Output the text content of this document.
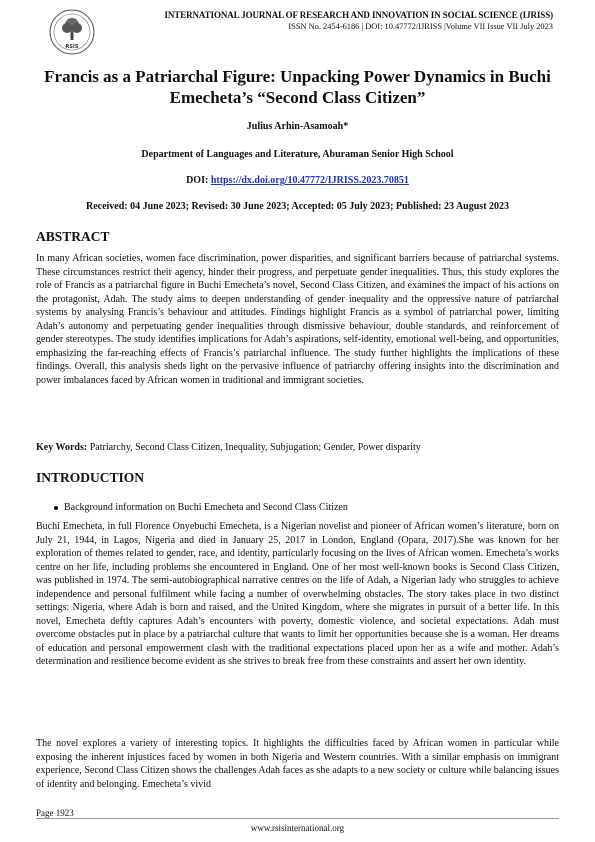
RSIS
INTERNATIONAL JOURNAL OF RESEARCH AND INNOVATION IN SOCIAL SCIENCE (IJRISS)
ISSN No. 2454-6186 | DOI: 10.47772/IJRISS |Volume VII Issue VII July 2023
Francis as a Patriarchal Figure: Unpacking Power Dynamics in Buchi Emecheta’s “Second Class Citizen”
Julius Arhin-Asamoah*
Department of Languages and Literature, Aburaman Senior High School
DOI: https://dx.doi.org/10.47772/IJRISS.2023.70851
Received: 04 June 2023; Revised: 30 June 2023; Accepted: 05 July 2023; Published: 23 August 2023
ABSTRACT

In many African societies, women face discrimination, power disparities, and significant barriers because of patriarchal systems. These circumstances restrict their agency, hinder their progress, and perpetuate gender inequalities. Thus, this study explores the role of Francis as a patriarchal figure in Buchi Emecheta’s novel, Second Class Citizen, and examines the impact of his actions on the protagonist, Adah. The study aims to deepen understanding of gender inequality and the oppressive nature of patriarchal systems by analysing Francis’s behaviour and attitudes. Findings highlight Francis as a symbol of patriarchal power, limiting Adah’s autonomy and perpetuating gender inequalities through dismissive behaviour, double standards, and reinforcement of gender stereotypes. The study identifies implications for Adah’s aspirations, self-identity, emotional well-being, and opportunities, emphasizing the far-reaching effects of Francis’s patriarchal influence. The study further highlights the implications of these findings. Overall, this analysis sheds light on the pervasive influence of patriarchy offering insights into the discrimination and power imbalances faced by African women in traditional and immigrant societies.

Key Words: Patriarchy, Second Class Citizen, Inequality, Subjugation; Gender, Power disparity
INTRODUCTION
Background information on Buchi Emecheta and Second Class Citizen

Buchi Emecheta, in full Florence Onyebuchi Emecheta, is a Nigerian novelist and pioneer of African women’s literature, born on July 21, 1944, in Lagos, Nigeria and died in January 25, 2017 in London, England (Opara, 2017).She was known for her exploration of themes related to gender, race, and identity, particularly focusing on the lives of African women. Emecheta’s works centre on her life, including problems she encountered in England. One of her most well-known books is Second Class Citizen, was published in 1974. The semi-autobiographical narrative centres on the life of Adah, a Nigerian lady who struggles to achieve independence and personal fulfilment while facing a number of overwhelming obstacles. The story takes place in two distinct settings: Nigeria, where Adah is born and raised, and the United Kingdom, where she migrates in pursuit of a better life. In this novel, Emecheta deftly captures Adah’s encounters with poverty, domestic violence, and societal expectations. Adah must overcome obstacles put in place by a patriarchal culture that wants to limit her opportunities because she is a woman. Her dreams of education and personal empowerment clash with the traditional expectations placed upon her as a wife and mother. Adah’s determination and resilience become evident as she strives to break free from these constraints and assert her own identity.

The novel explores a variety of interesting topics. It highlights the difficulties faced by African women in particular while exposing the inherent injustices faced by women in both Nigeria and Western countries. With a similar emphasis on immigrant experience, Second Class Citizen shows the challenges Adah faces as she adapts to a new society or culture while balancing issues of identity and belonging. Emecheta’s vivid

Page 1923
www.rsisinternational.org
